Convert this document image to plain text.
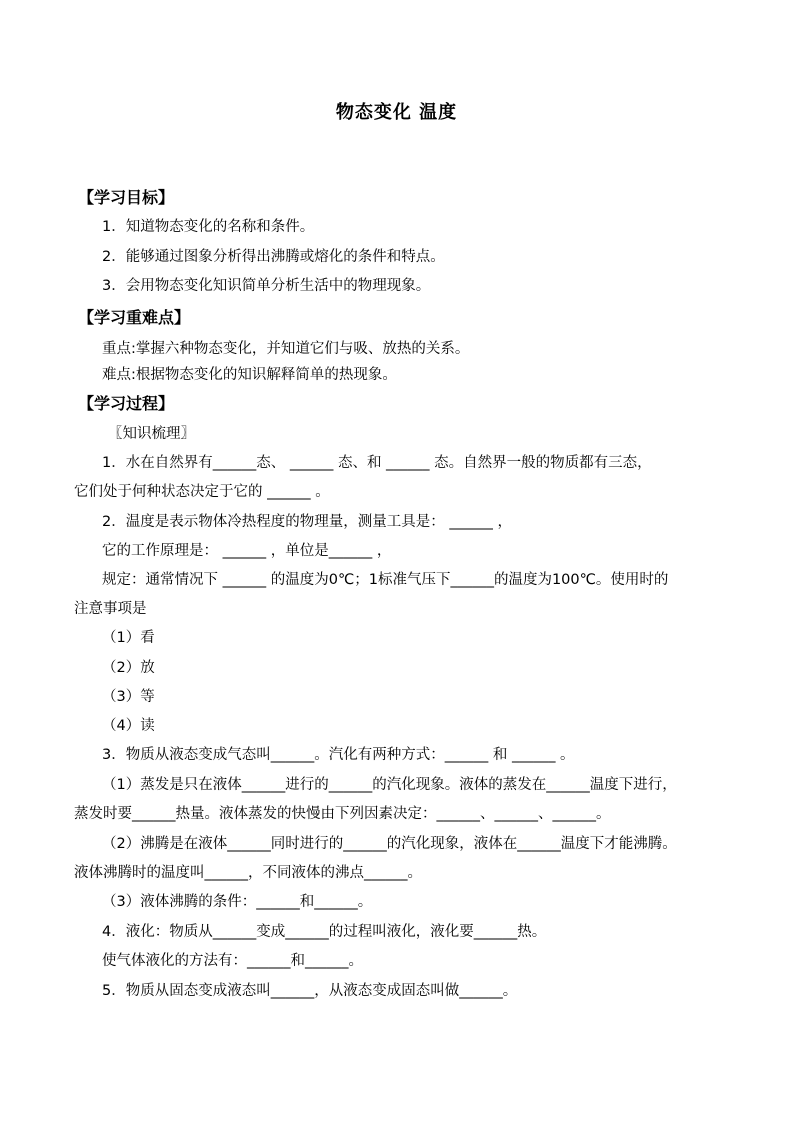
物态变化 温度
【学习目标】
1．知道物态变化的名称和条件。
2．能够通过图象分析得出沸腾或熔化的条件和特点。
3．会用物态变化知识简单分析生活中的物理现象。
【学习重难点】
重点:掌握六种物态变化，并知道它们与吸、放热的关系。
难点:根据物态变化的知识解释简单的热现象。
【学习过程】
〖知识梳理〗
1．水在自然界有______态、 ______ 态、和 ______ 态。自然界一般的物质都有三态，
它们处于何种状态决定于它的 ______ 。
2．温度是表示物体冷热程度的物理量，测量工具是： ______ ，
它的工作原理是： ______ ，单位是______ ，
规定：通常情况下 ______ 的温度为0℃；1标准气压下______的温度为100℃。使用时的
注意事项是
（1）看
（2）放
（3）等
（4）读
3．物质从液态变成气态叫______。汽化有两种方式：______ 和 ______ 。
（1）蒸发是只在液体______进行的______的汽化现象。液体的蒸发在______温度下进行，
蒸发时要______热量。液体蒸发的快慢由下列因素决定：______、______、______。
（2）沸腾是在液体______同时进行的______的汽化现象，液体在______温度下才能沸腾。
液体沸腾时的温度叫______，不同液体的沸点______。
（3）液体沸腾的条件：______和______。
4．液化：物质从______变成______的过程叫液化，液化要______热。
使气体液化的方法有：______和______。
5．物质从固态变成液态叫______，从液态变成固态叫做______。
